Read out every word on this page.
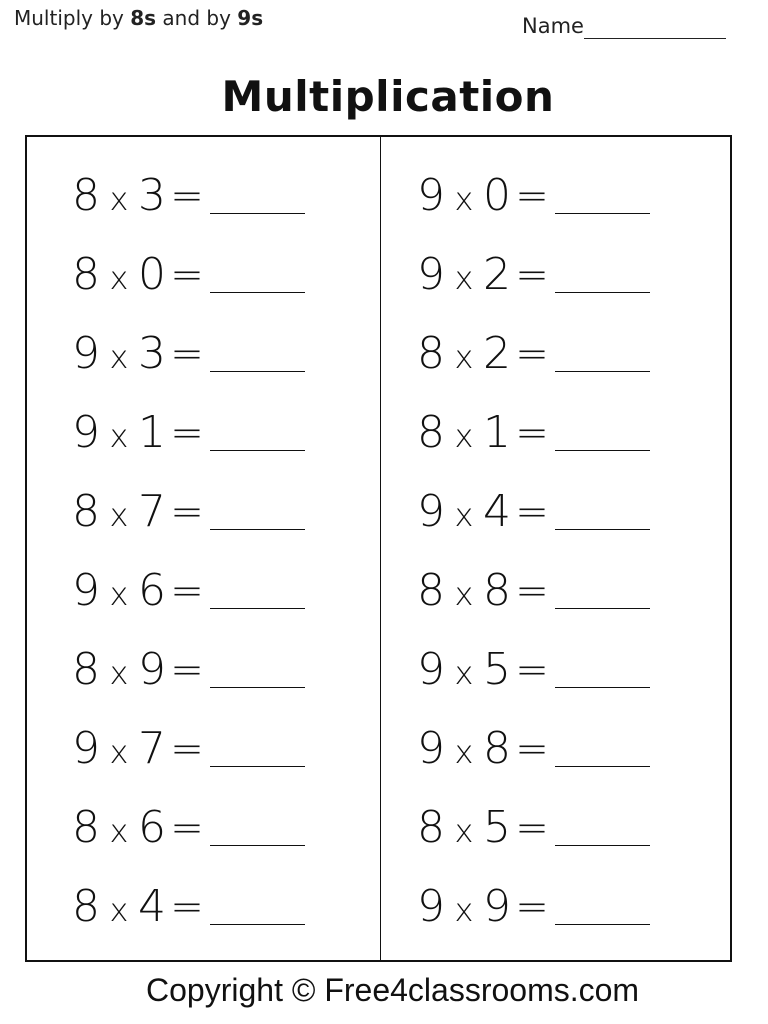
Multiply by 8s and by 9s	Name
Multiplication
8 x 3 =
8 x 0 =
9 x 3 =
9 x 1 =
8 x 7 =
9 x 6 =
8 x 9 =
9 x 7 =
8 x 6 =
8 x 4 =
9 x 0 =
9 x 2 =
8 x 2 =
8 x 1 =
9 x 4 =
8 x 8 =
9 x 5 =
9 x 8 =
8 x 5 =
9 x 9 =
Copyright © Free4classrooms.com
